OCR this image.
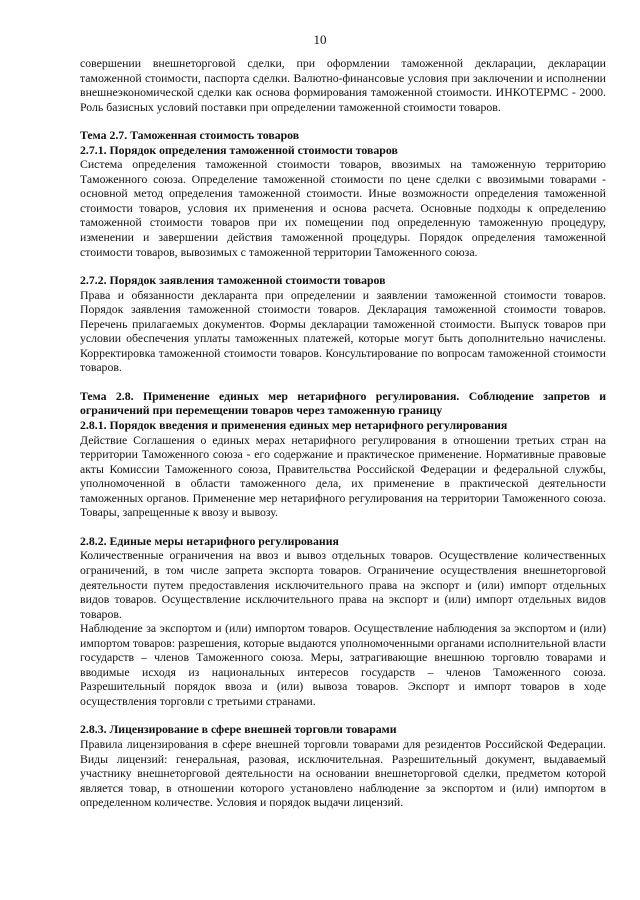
10

совершении внешнеторговой сделки, при оформлении таможенной декларации, декларации таможенной стоимости, паспорта сделки. Валютно-финансовые условия при заключении и исполнении внешнеэкономической сделки как основа формирования таможенной стоимости. ИНКОТЕРМС - 2000. Роль базисных условий поставки при определении таможенной стоимости товаров.

Тема 2.7. Таможенная стоимость товаров
2.7.1. Порядок определения таможенной стоимости товаров

Система определения таможенной стоимости товаров, ввозимых на таможенную территорию Таможенного союза. Определение таможенной стоимости по цене сделки с ввозимыми товарами - основной метод определения таможенной стоимости. Иные возможности определения таможенной стоимости товаров, условия их применения и основа расчета. Основные подходы к определению таможенной стоимости товаров при их помещении под определенную таможенную процедуру, изменении и завершении действия таможенной процедуры. Порядок определения таможенной стоимости товаров, вывозимых с таможенной территории Таможенного союза.

2.7.2. Порядок заявления таможенной стоимости товаров

Права и обязанности декларанта при определении и заявлении таможенной стоимости товаров. Порядок заявления таможенной стоимости товаров. Декларация таможенной стоимости товаров. Перечень прилагаемых документов. Формы декларации таможенной стоимости. Выпуск товаров при условии обеспечения уплаты таможенных платежей, которые могут быть дополнительно начислены. Корректировка таможенной стоимости товаров. Консультирование по вопросам таможенной стоимости товаров.

Тема 2.8. Применение единых мер нетарифного регулирования. Соблюдение запретов и ограничений при перемещении товаров через таможенную границу
2.8.1. Порядок введения и применения единых мер нетарифного регулирования

Действие Соглашения о единых мерах нетарифного регулирования в отношении третьих стран на территории Таможенного союза - его содержание и практическое применение. Нормативные правовые акты Комиссии Таможенного союза, Правительства Российской Федерации и федеральной службы, уполномоченной в области таможенного дела, их применение в практической деятельности таможенных органов. Применение мер нетарифного регулирования на территории Таможенного союза. Товары, запрещенные к ввозу и вывозу.

2.8.2. Единые меры нетарифного регулирования

Количественные ограничения на ввоз и вывоз отдельных товаров. Осуществление количественных ограничений, в том числе запрета экспорта товаров. Ограничение осуществления внешнеторговой деятельности путем предоставления исключительного права на экспорт и (или) импорт отдельных видов товаров. Осуществление исключительного права на экспорт и (или) импорт отдельных видов товаров.

Наблюдение за экспортом и (или) импортом товаров. Осуществление наблюдения за экспортом и (или) импортом товаров: разрешения, которые выдаются уполномоченными органами исполнительной власти государств – членов Таможенного союза. Меры, затрагивающие внешнюю торговлю товарами и вводимые исходя из национальных интересов государств – членов Таможенного союза. Разрешительный порядок ввоза и (или) вывоза товаров. Экспорт и импорт товаров в ходе осуществления торговли с третьими странами.

2.8.3. Лицензирование в сфере внешней торговли товарами

Правила лицензирования в сфере внешней торговли товарами для резидентов Российской Федерации. Виды лицензий: генеральная, разовая, исключительная. Разрешительный документ, выдаваемый участнику внешнеторговой деятельности на основании внешнеторговой сделки, предметом которой является товар, в отношении которого установлено наблюдение за экспортом и (или) импортом в определенном количестве. Условия и порядок выдачи лицензий.
